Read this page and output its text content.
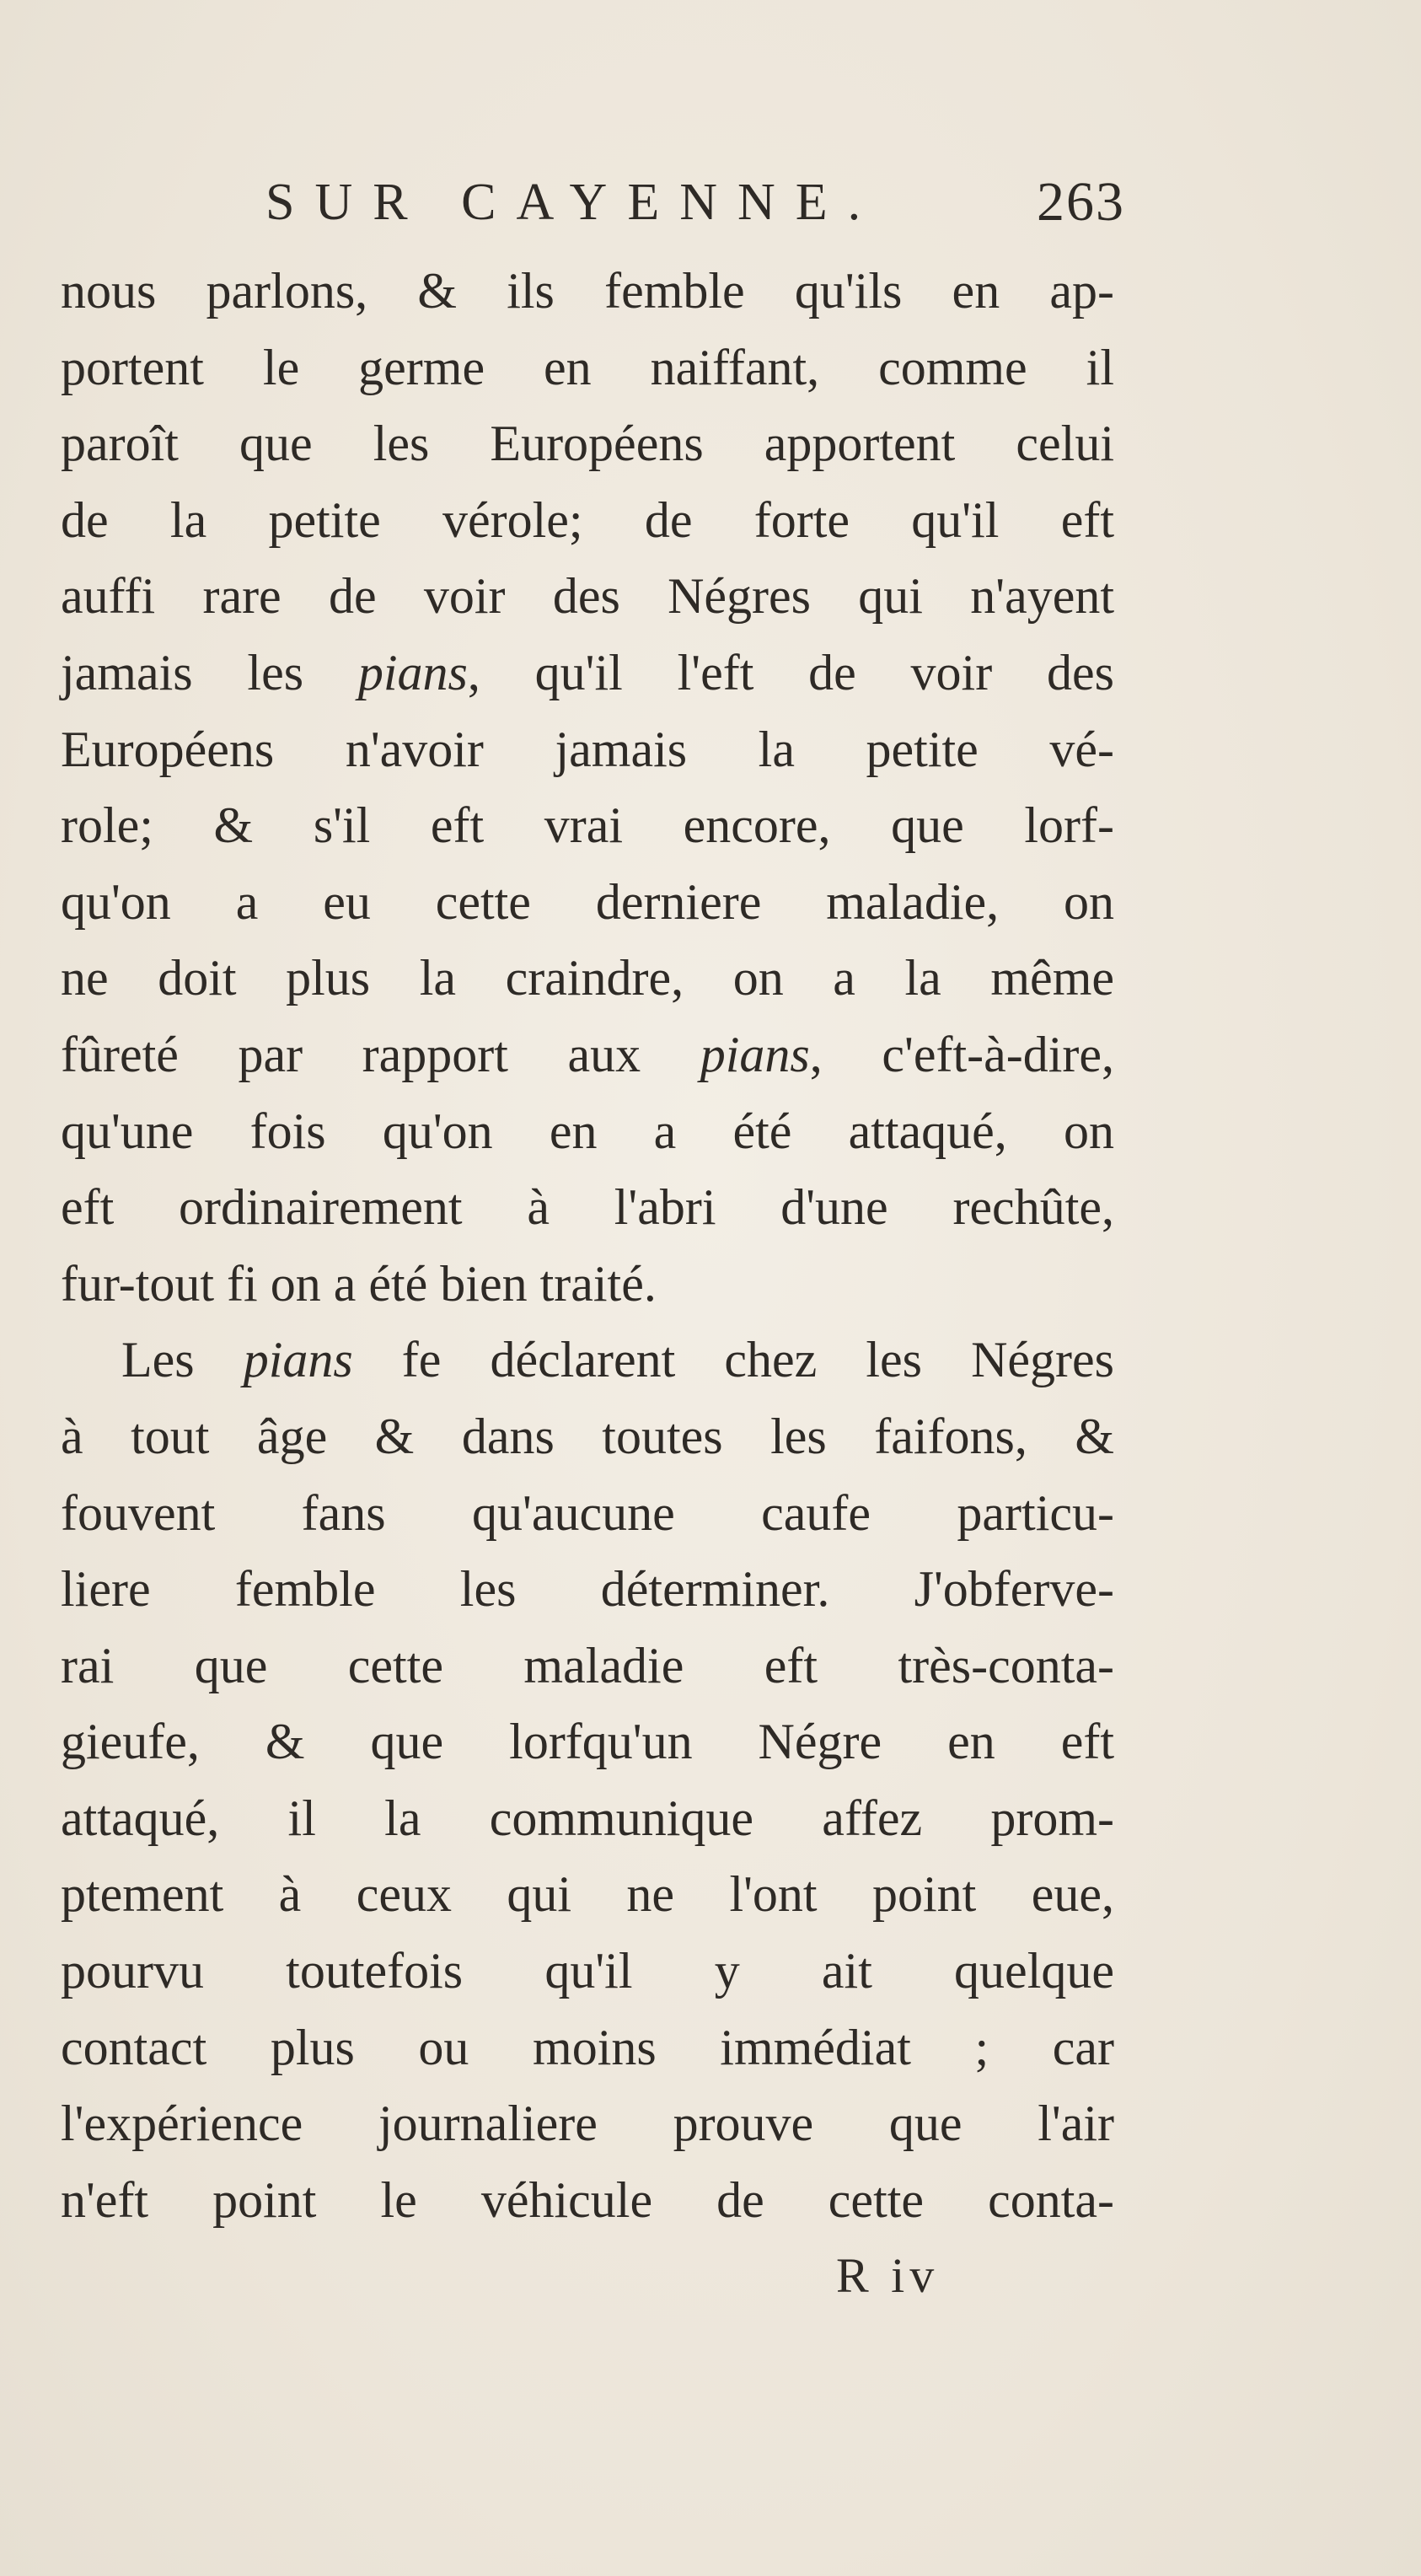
SUR CAYENNE.	263
nous parlons, & ils femble qu'ils en ap-
portent le germe en naiffant, comme il
paroît que les Européens apportent celui
de la petite vérole; de forte qu'il eft
auffi rare de voir des Négres qui n'ayent
jamais les pians, qu'il l'eft de voir des
Européens n'avoir jamais la petite vé-
role; & s'il eft vrai encore, que lorf-
qu'on a eu cette derniere maladie, on
ne doit plus la craindre, on a la même
fûreté par rapport aux pians, c'eft-à-dire,
qu'une fois qu'on en a été attaqué, on
eft ordinairement à l'abri d'une rechûte,
fur-tout fi on a été bien traité.
Les pians fe déclarent chez les Négres
à tout âge & dans toutes les faifons, &
fouvent fans qu'aucune caufe particu-
liere femble les déterminer. J'obferve-
rai que cette maladie eft très-conta-
gieufe, & que lorfqu'un Négre en eft
attaqué, il la communique affez prom-
ptement à ceux qui ne l'ont point eue,
pourvu toutefois qu'il y ait quelque
contact plus ou moins immédiat ; car
l'expérience journaliere prouve que l'air
n'eft point le véhicule de cette conta-
R iv
